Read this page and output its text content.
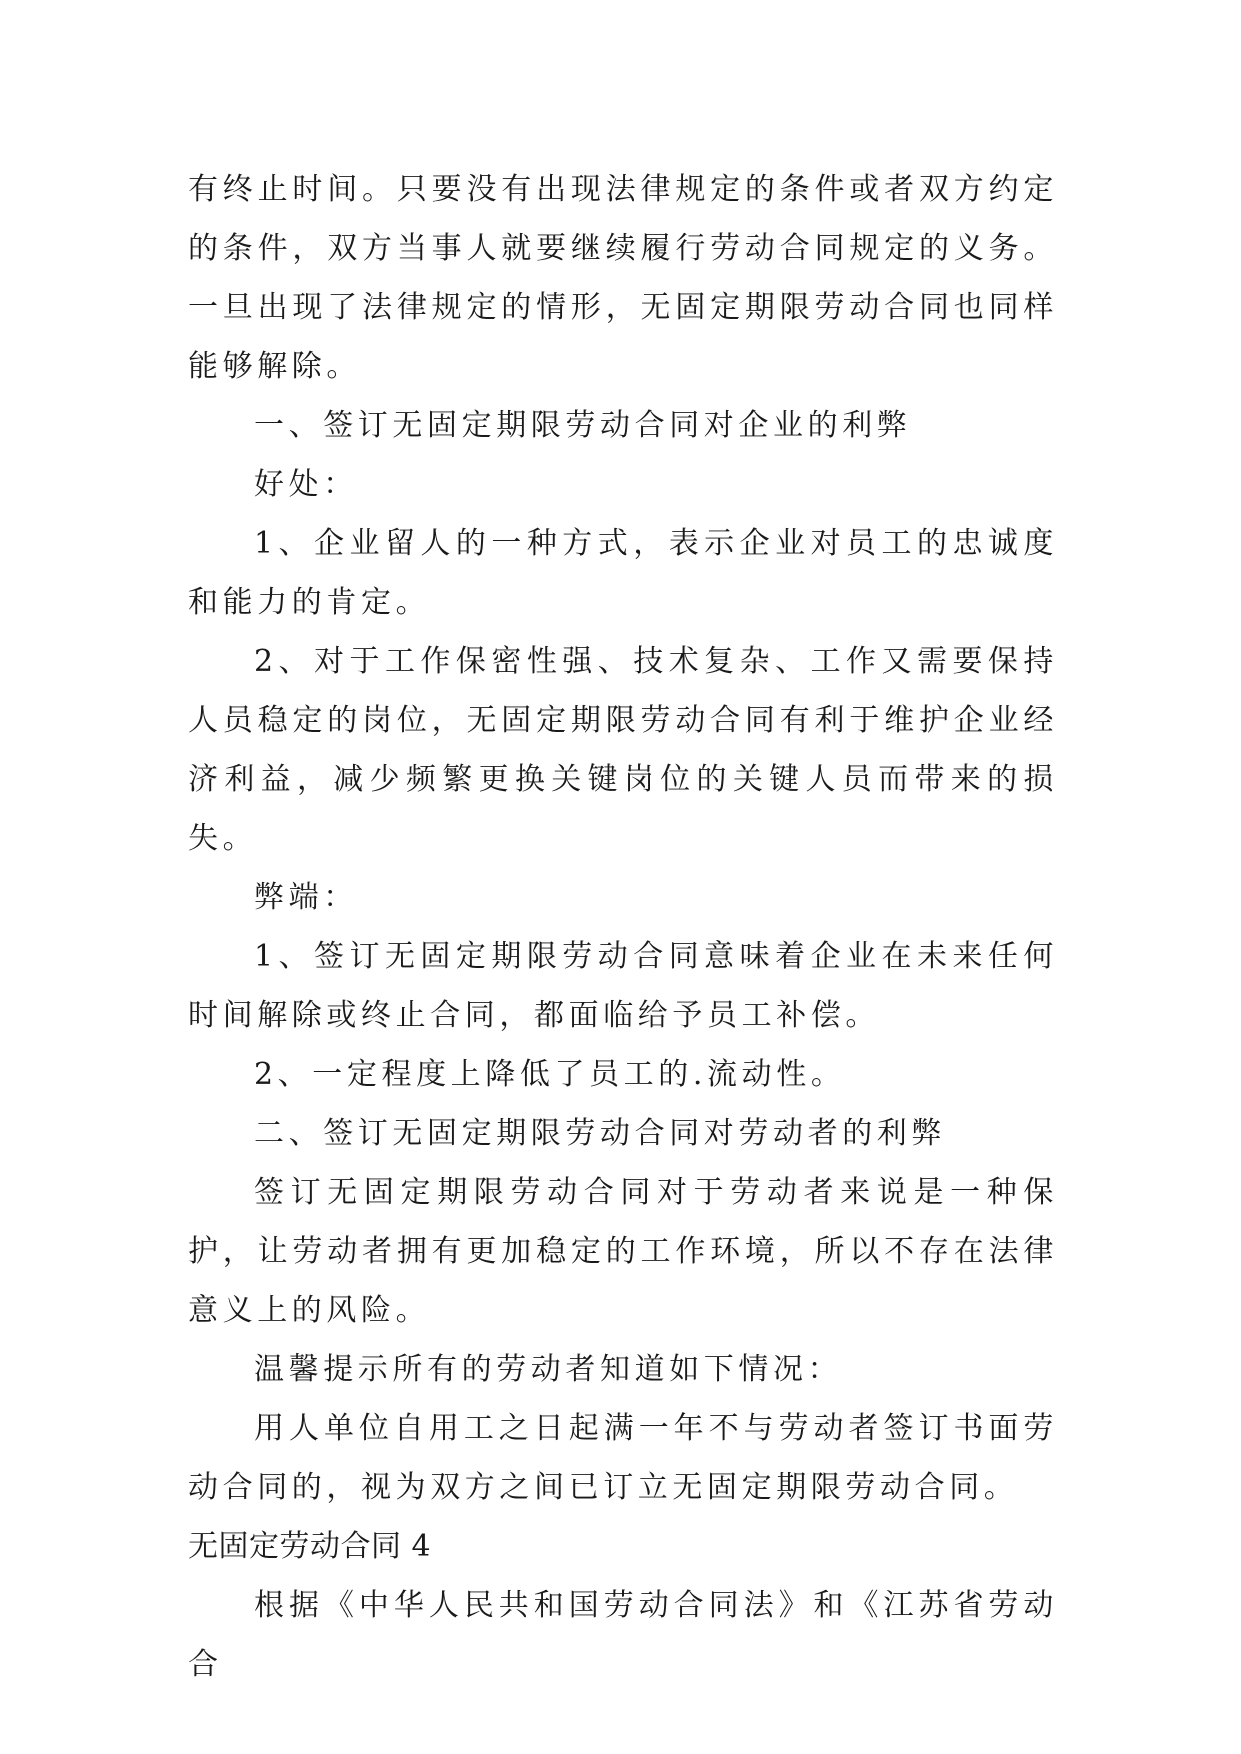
有终止时间。只要没有出现法律规定的条件或者双方约定的条件，双方当事人就要继续履行劳动合同规定的义务。一旦出现了法律规定的情形，无固定期限劳动合同也同样能够解除。

一、签订无固定期限劳动合同对企业的利弊

好处：

1、企业留人的一种方式，表示企业对员工的忠诚度和能力的肯定。

2、对于工作保密性强、技术复杂、工作又需要保持人员稳定的岗位，无固定期限劳动合同有利于维护企业经济利益，减少频繁更换关键岗位的关键人员而带来的损失。

弊端：

1、签订无固定期限劳动合同意味着企业在未来任何时间解除或终止合同，都面临给予员工补偿。

2、一定程度上降低了员工的.流动性。

二、签订无固定期限劳动合同对劳动者的利弊

签订无固定期限劳动合同对于劳动者来说是一种保护，让劳动者拥有更加稳定的工作环境，所以不存在法律意义上的风险。

温馨提示所有的劳动者知道如下情况：

用人单位自用工之日起满一年不与劳动者签订书面劳动合同的，视为双方之间已订立无固定期限劳动合同。

无固定劳动合同 4

根据《中华人民共和国劳动合同法》和《江苏省劳动合
